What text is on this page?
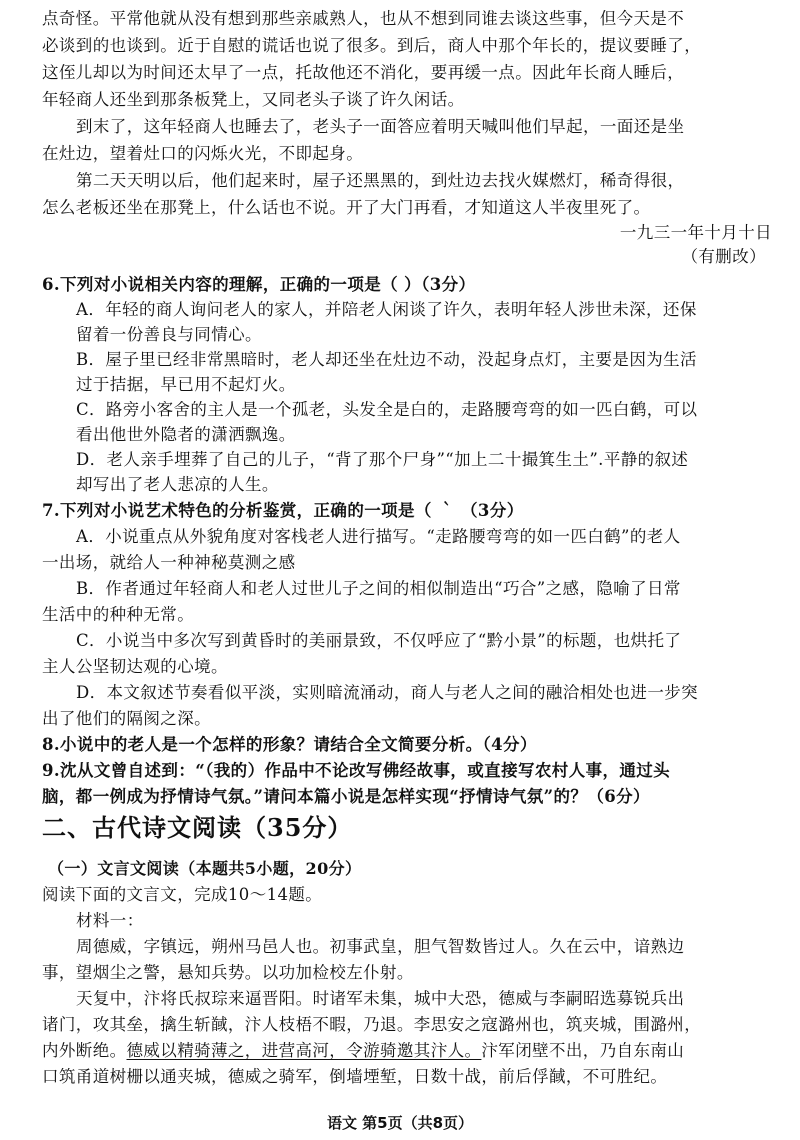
点奇怪。平常他就从没有想到那些亲戚熟人，也从不想到同谁去谈这些事，但今天是不
必谈到的也谈到。近于自慰的谎话也说了很多。到后，商人中那个年长的，提议要睡了，
这侄儿却以为时间还太早了一点，托故他还不消化，要再缓一点。因此年长商人睡后，
年轻商人还坐到那条板凳上，又同老头子谈了许久闲话。
到末了，这年轻商人也睡去了，老头子一面答应着明天喊叫他们早起，一面还是坐
在灶边，望着灶口的闪烁火光，不即起身。
第二天天明以后，他们起来时，屋子还黑黑的，到灶边去找火媒燃灯，稀奇得很，
怎么老板还坐在那凳上，什么话也不说。开了大门再看，才知道这人半夜里死了。
一九三一年十月十日
（有删改）
6.下列对小说相关内容的理解，正确的一项是（ ）（3分）
A．年轻的商人询问老人的家人，并陪老人闲谈了许久，表明年轻人涉世未深，还保
留着一份善良与同情心。
B．屋子里已经非常黑暗时，老人却还坐在灶边不动，没起身点灯，主要是因为生活
过于拮据，早已用不起灯火。
C．路旁小客舍的主人是一个孤老，头发全是白的，走路腰弯弯的如一匹白鹤，可以
看出他世外隐者的潇洒飘逸。
D．老人亲手埋葬了自己的儿子，“背了那个尸身”“加上二十撮箕生土”.平静的叙述
却写出了老人悲凉的人生。
7.下列对小说艺术特色的分析鉴赏，正确的一项是（ ｀ （3分）
A．小说重点从外貌角度对客栈老人进行描写。“走路腰弯弯的如一匹白鹤”的老人
一出场，就给人一种神秘莫测之感
B．作者通过年轻商人和老人过世儿子之间的相似制造出“巧合”之感，隐喻了日常
生活中的种种无常。
C．小说当中多次写到黄昏时的美丽景致，不仅呼应了“黔小景”的标题，也烘托了
主人公坚韧达观的心境。
D．本文叙述节奏看似平淡，实则暗流涌动，商人与老人之间的融洽相处也进一步突
出了他们的隔阂之深。
8.小说中的老人是一个怎样的形象？请结合全文简要分析。（4分）
9.沈从文曾自述到：“（我的）作品中不论改写佛经故事，或直接写农村人事，通过头
脑，都一例成为抒情诗气氛。”请问本篇小说是怎样实现“抒情诗气氛”的？（6分）
二、古代诗文阅读（35分）
（一）文言文阅读（本题共5小题，20分）
阅读下面的文言文，完成10～14题。
材料一：
周德威，字镇远，朔州马邑人也。初事武皇，胆气智数皆过人。久在云中，谙熟边
事，望烟尘之警，悬知兵势。以功加检校左仆射。
天复中，汴将氏叔琮来逼晋阳。时诸军未集，城中大恐，德威与李嗣昭选募锐兵出
诸门，攻其垒，擒生斩馘，汴人枝梧不暇，乃退。李思安之寇潞州也，筑夹城，围潞州，
内外断绝。德威以精骑薄之，进营高河，令游骑邀其汴人。汴军闭壁不出，乃自东南山
口筑甬道树栅以通夹城，德威之骑军，倒墙堙堑，日数十战，前后俘馘，不可胜纪。
语文 第5页（共8页）
